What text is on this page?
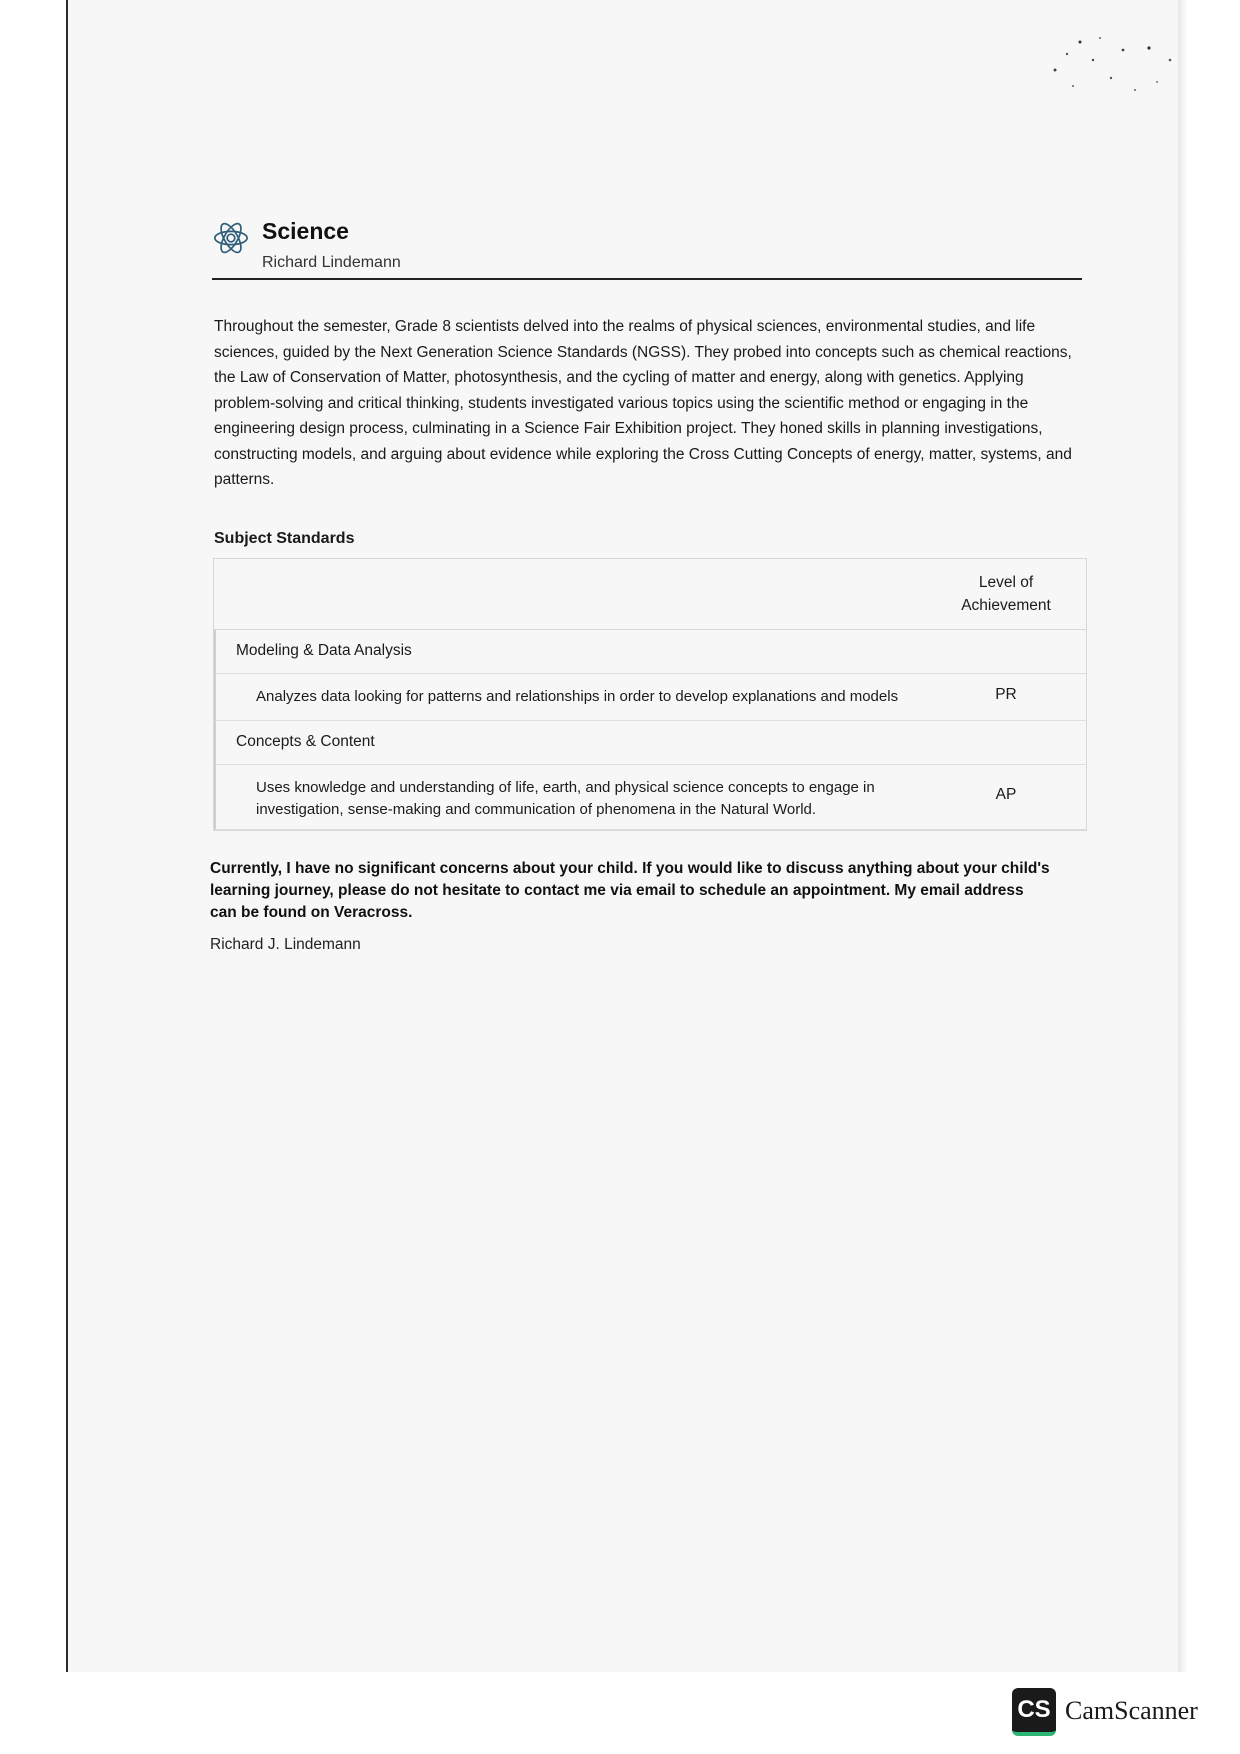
Science
Richard Lindemann
Throughout the semester, Grade 8 scientists delved into the realms of physical sciences, environmental studies, and life sciences, guided by the Next Generation Science Standards (NGSS). They probed into concepts such as chemical reactions, the Law of Conservation of Matter, photosynthesis, and the cycling of matter and energy, along with genetics. Applying problem-solving and critical thinking, students investigated various topics using the scientific method or engaging in the engineering design process, culminating in a Science Fair Exhibition project. They honed skills in planning investigations, constructing models, and arguing about evidence while exploring the Cross Cutting Concepts of energy, matter, systems, and patterns.
Subject Standards
Level of Achievement
Modeling & Data Analysis
Analyzes data looking for patterns and relationships in order to develop explanations and models	PR
Concepts & Content
Uses knowledge and understanding of life, earth, and physical science concepts to engage in investigation, sense-making and communication of phenomena in the Natural World.
AP
Currently, I have no significant concerns about your child. If you would like to discuss anything about your child's learning journey, please do not hesitate to contact me via email to schedule an appointment. My email address can be found on Veracross.
Richard J. Lindemann
CS CamScanner
